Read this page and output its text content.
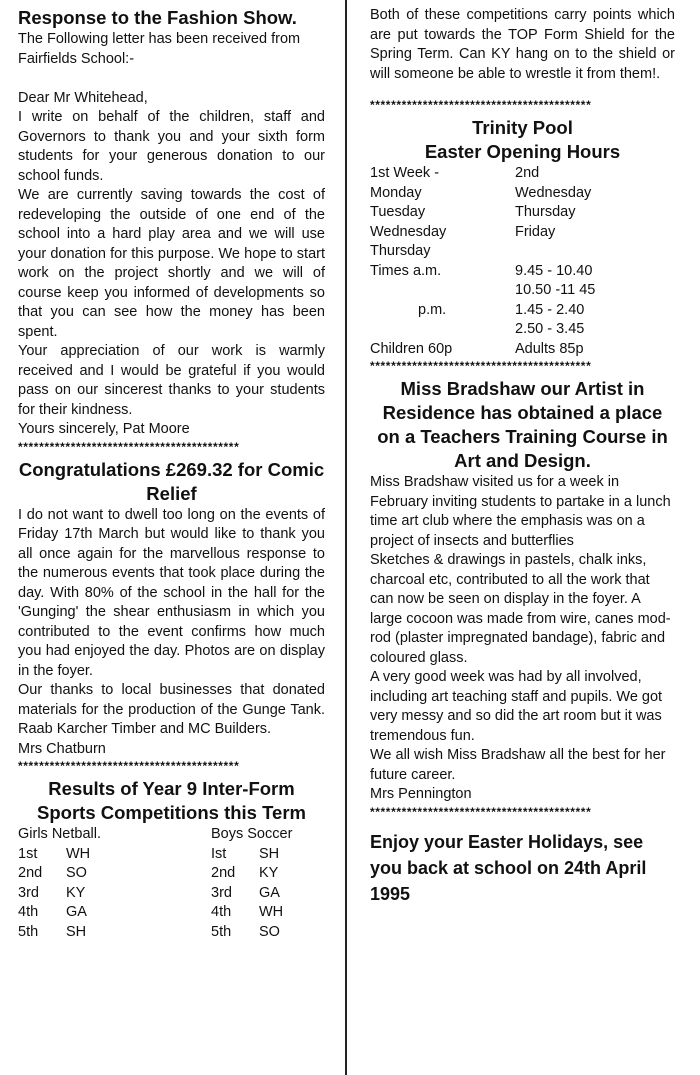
Response to the Fashion Show.

The Following letter has been received from Fairfields School:-

Dear Mr Whitehead,

I write on behalf of the children, staff and Governors to thank you and your sixth form students for your generous donation to our school funds.

We are currently saving towards the cost of redeveloping the outside of one end of the school into a hard play area and we will use your donation for this purpose. We hope to start work on the project shortly and we will of course keep you informed of developments so that you can see how the money has been spent.

Your appreciation of our work is warmly received and I would be grateful if you would pass on our sincerest thanks to your students for their kindness.

Yours sincerely, Pat Moore

******************************************
Congratulations £269.32 for Comic Relief

I do not want to dwell too long on the events of Friday 17th March but would like to thank you all once again for the marvellous response to the numerous events that took place during the day. With 80% of the school in the hall for the 'Gunging' the shear enthusiasm in which you contributed to the event confirms how much you had enjoyed the day. Photos are on display in the foyer.

Our thanks to local businesses that donated materials for the production of the Gunge Tank. Raab Karcher Timber and MC Builders.

Mrs Chatburn

******************************************
Results of Year 9 Inter-Form Sports Competitions this Term
Girls Netball.	Boys Soccer
1st	WH	Ist	SH
2nd	SO	2nd	KY
3rd	KY	3rd	GA
4th	GA	4th	WH
5th	SH	5th	SO

Both of these competitions carry points which are put towards the TOP Form Shield for the Spring Term. Can KY hang on to the shield or will someone be able to wrestle it from them!.

******************************************
Trinity Pool
Easter Opening Hours
1st Week -	2nd
Monday	Wednesday
Tuesday	Thursday
Wednesday	Friday
Thursday
Times a.m.	9.45 - 10.40
10.50 -11 45
p.m.	1.45 - 2.40
2.50 - 3.45
Children 60p	Adults 85p
******************************************
Miss Bradshaw our Artist in Residence has obtained a place on a Teachers Training Course in Art and Design.

Miss Bradshaw visited us for a week in February inviting students to partake in a lunch time art club where the emphasis was on a project of insects and butterflies

Sketches & drawings in pastels, chalk inks, charcoal etc, contributed to all the work that can now be seen on display in the foyer. A large cocoon was made from wire, canes mod-rod (plaster impregnated bandage), fabric and coloured glass.

A very good week was had by all involved, including art teaching staff and pupils. We got very messy and so did the art room but it was tremendous fun.

We all wish Miss Bradshaw all the best for her future career.

Mrs Pennington

******************************************
Enjoy your Easter Holidays, see you back at school on 24th April 1995
